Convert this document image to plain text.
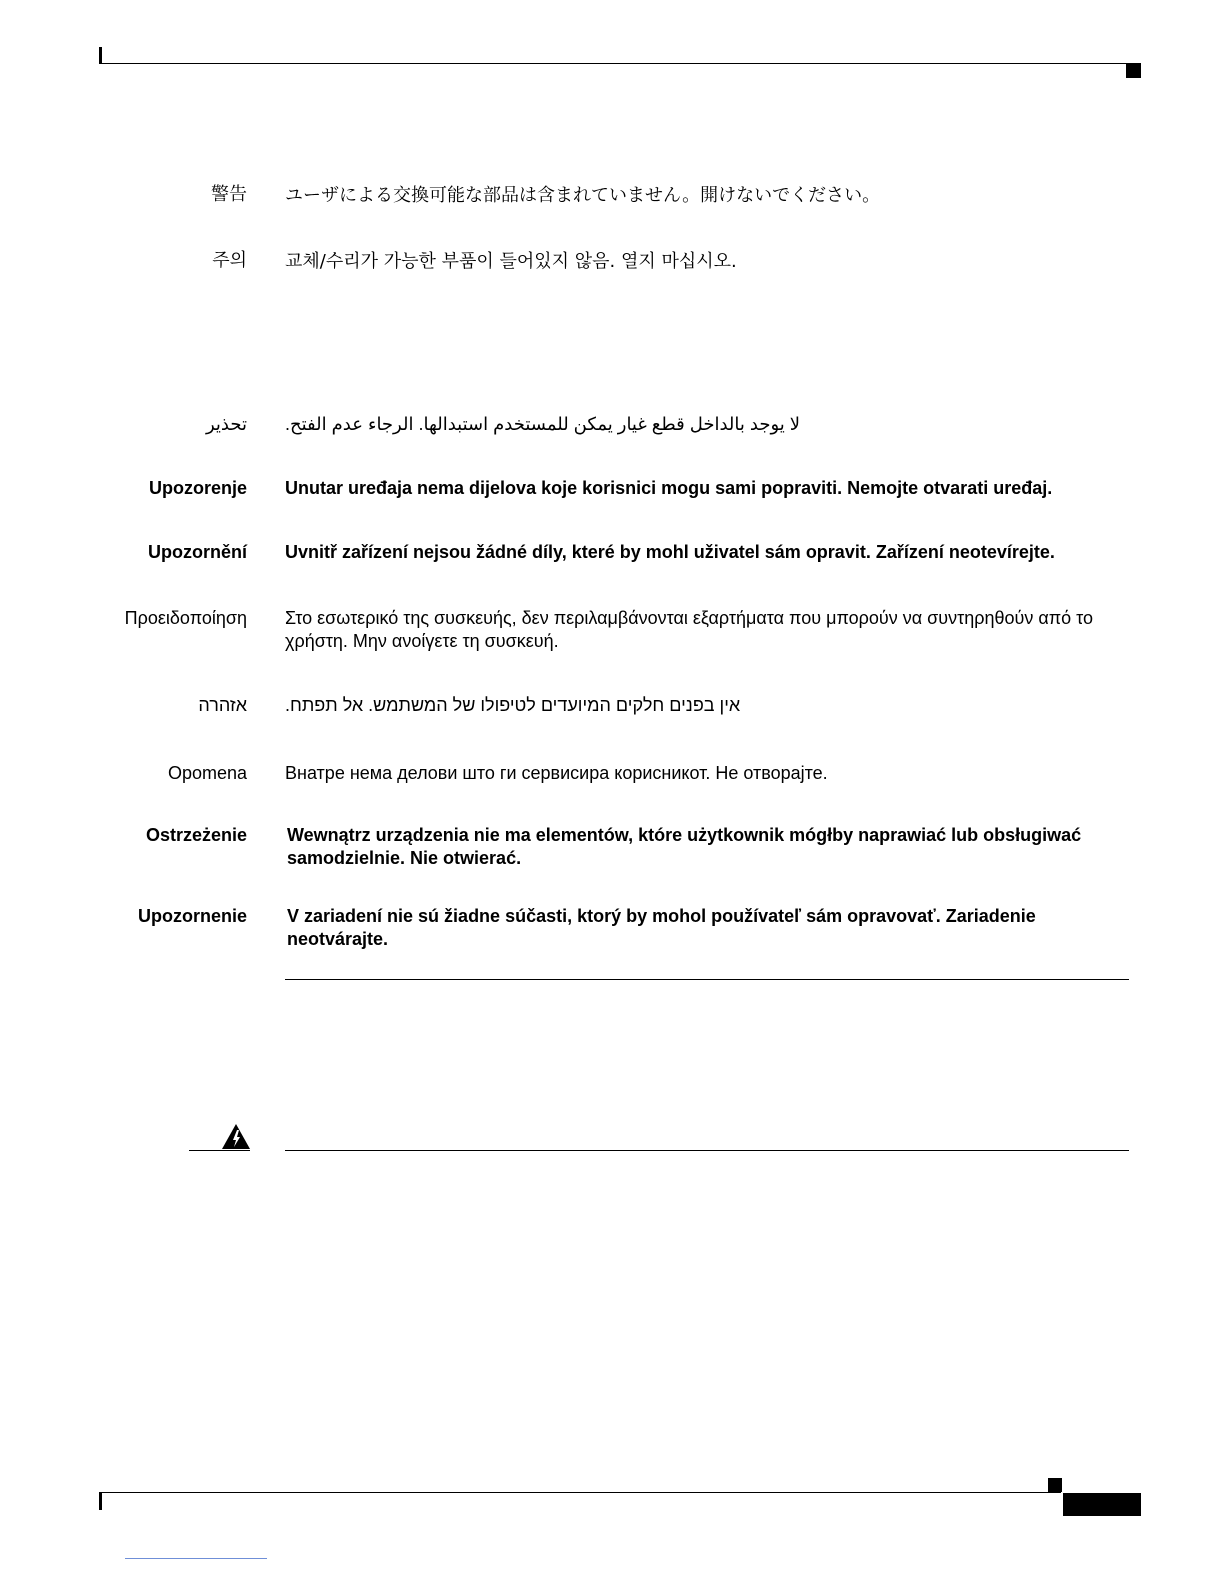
警告 ユーザによる交換可能な部品は含まれていません。開けないでください。
주의 교체/수리가 가능한 부품이 들어있지 않음. 열지 마십시오.
تحذير لا يوجد بالداخل قطع غيار يمكن للمستخدم استبدالها. الرجاء عدم الفتح.
Upozorenje Unutar uređaja nema dijelova koje korisnici mogu sami popraviti. Nemojte otvarati uređaj.
Upozornění Uvnitř zařízení nejsou žádné díly, které by mohl uživatel sám opravit. Zařízení neotevírejte.
Προειδοποίηση Στο εσωτερικό της συσκευής, δεν περιλαμβάνονται εξαρτήματα που μπορούν να συντηρηθούν από το χρήστη. Μην ανοίγετε τη συσκευή.
אזהרה אין בפנים חלקים המיועדים לטיפולו של המשתמש. אל תפתח.
Opomena Внатре нема делови што ги сервисира корисникот. Не отворајте.
Ostrzeżenie Wewnątrz urządzenia nie ma elementów, które użytkownik mógłby naprawiać lub obsługiwać samodzielnie. Nie otwierać.
Upozornenie V zariadení nie sú žiadne súčasti, ktorý by mohol používateľ sám opravovať. Zariadenie neotvárajte.
